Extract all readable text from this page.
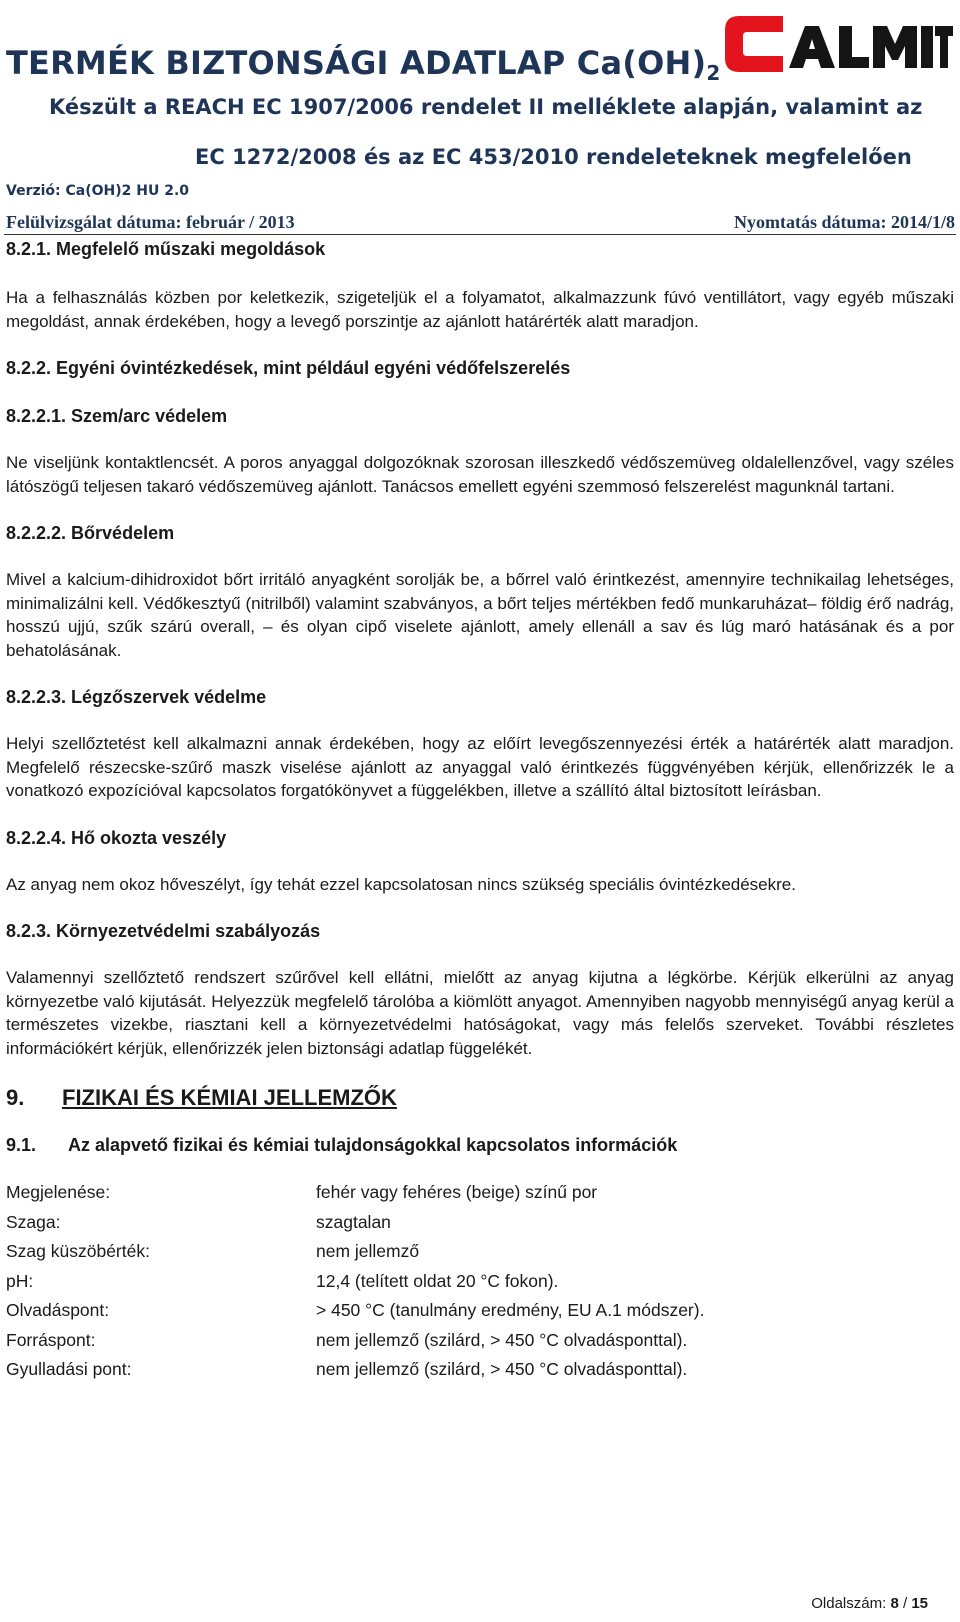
TERMÉK BIZTONSÁGI ADATLAP $Ca(OH)_2$

Készült a REACH EC 1907/2006 rendelet II melléklete alapján, valamint az

EC 1272/2008 és az EC 453/2010 rendeleteknek megfelelően

Verzió: Ca(OH)2 HU 2.0
Felülvizsgálat dátuma: február / 2013	Nyomtatás dátuma: 2014/1/8

8.2.1. Megfelelő műszaki megoldások

Ha a felhasználás közben por keletkezik, szigeteljük el a folyamatot, alkalmazzunk fúvó ventillátort, vagy egyéb műszaki megoldást, annak érdekében, hogy a levegő porszintje az ajánlott határérték alatt maradjon.

8.2.2. Egyéni óvintézkedések, mint például egyéni védőfelszerelés

8.2.2.1. Szem/arc védelem

Ne viseljünk kontaktlencsét. A poros anyaggal dolgozóknak szorosan illeszkedő védőszemüveg oldalellenzővel, vagy széles látószögű teljesen takaró védőszemüveg ajánlott. Tanácsos emellett egyéni szemmosó felszerelést magunknál tartani.

8.2.2.2. Bőrvédelem

Mivel a kalcium-dihidroxidot bőrt irritáló anyagként sorolják be, a bőrrel való érintkezést, amennyire technikailag lehetséges, minimalizálni kell. Védőkesztyű (nitrilből) valamint szabványos, a bőrt teljes mértékben fedő munkaruházat– földig érő nadrág, hosszú ujjú, szűk szárú overall, – és olyan cipő viselete ajánlott, amely ellenáll a sav és lúg maró hatásának és a por behatolásának.

8.2.2.3. Légzőszervek védelme

Helyi szellőztetést kell alkalmazni annak érdekében, hogy az előírt levegőszennyezési érték a határérték alatt maradjon. Megfelelő részecske-szűrő maszk viselése ajánlott az anyaggal való érintkezés függvényében kérjük, ellenőrizzék le a vonatkozó expozícióval kapcsolatos forgatókönyvet a függelékben, illetve a szállító által biztosított leírásban.

8.2.2.4. Hő okozta veszély

Az anyag nem okoz hőveszélyt, így tehát ezzel kapcsolatosan nincs szükség speciális óvintézkedésekre.

8.2.3. Környezetvédelmi szabályozás

Valamennyi szellőztető rendszert szűrővel kell ellátni, mielőtt az anyag kijutna a légkörbe. Kérjük elkerülni az anyag környezetbe való kijutását. Helyezzük megfelelő tárolóba a kiömlött anyagot. Amennyiben nagyobb mennyiségű anyag kerül a természetes vizekbe, riasztani kell a környezetvédelmi hatóságokat, vagy más felelős szerveket. További részletes információkért kérjük, ellenőrizzék jelen biztonsági adatlap függelékét.

9. FIZIKAI ÉS KÉMIAI JELLEMZŐK

9.1. Az alapvető fizikai és kémiai tulajdonságokkal kapcsolatos információk

Megjelenése:	fehér vagy fehéres (beige) színű por
Szaga:	szagtalan
Szag küszöbérték:	nem jellemző
pH:	12,4 (telített oldat 20 °C fokon).
Olvadáspont:	> 450 °C (tanulmány eredmény, EU A.1 módszer).
Forráspont:	nem jellemző (szilárd, > 450 °C olvadásponttal).
Gyulladási pont:	nem jellemző (szilárd, > 450 °C olvadásponttal).
Oldalszám: 8 / 15
